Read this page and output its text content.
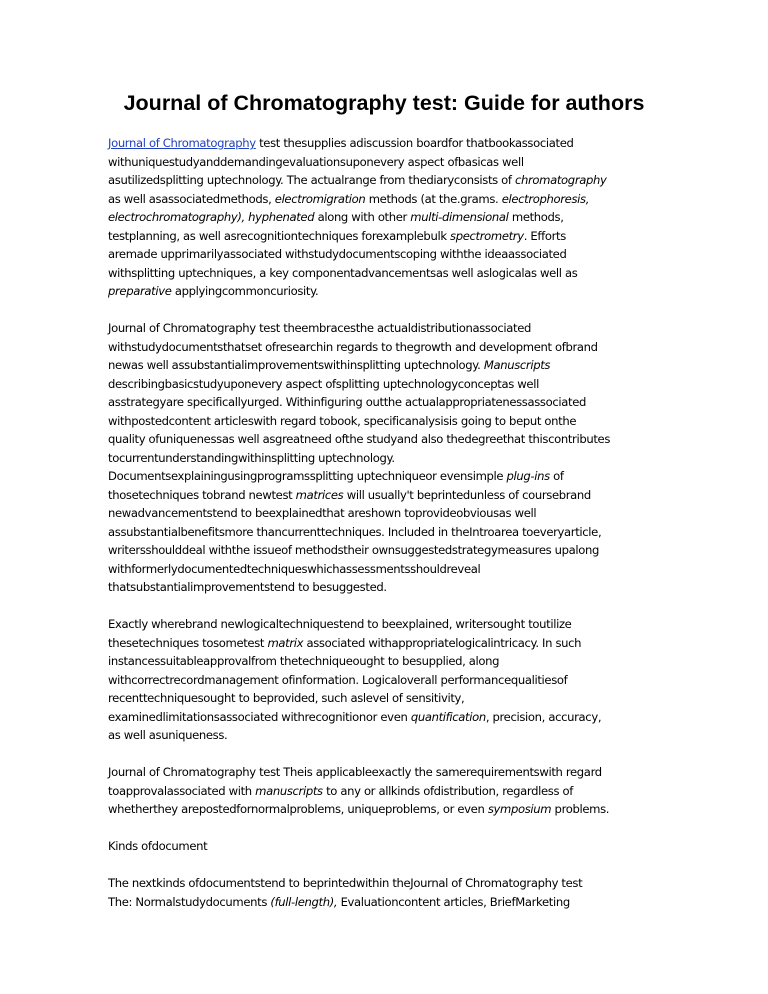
Journal of Chromatography test: Guide for authors
Journal of Chromatography test thesupplies adiscussion boardfor thatbookassociated
withuniquestudyanddemandingevaluationsuponevery aspect ofbasicas well
asutilizedsplitting uptechnology. The actualrange from thediaryconsists of chromatography
as well asassociatedmethods, electromigration methods (at the.grams. electrophoresis,
electrochromatography), hyphenated along with other multi-dimensional methods,
testplanning, as well asrecognitiontechniques forexamplebulk spectrometry. Efforts
aremade upprimarilyassociated withstudydocumentscoping withthe ideaassociated
withsplitting uptechniques, a key componentadvancementsas well aslogicalas well as
preparative applyingcommoncuriosity.
Journal of Chromatography test theembracesthe actualdistributionassociated
withstudydocumentsthatset ofresearchin regards to thegrowth and development ofbrand
newas well assubstantialimprovementswithinsplitting uptechnology. Manuscripts
describingbasicstudyuponevery aspect ofsplitting uptechnologyconceptas well
asstrategyare specificallyurged. Withinfiguring outthe actualappropriatenessassociated
withpostedcontent articleswith regard tobook, specificanalysisis going to beput onthe
quality ofuniquenessas well asgreatneed ofthe studyand also thedegreethat thiscontributes
tocurrentunderstandingwithinsplitting uptechnology.
Documentsexplainingusingprogramssplitting uptechniqueor evensimple plug-ins of
thosetechniques tobrand newtest matrices will usually't beprintedunless of coursebrand
newadvancementstend to beexplainedthat areshown toprovideobviousas well
assubstantialbenefitsmore thancurrenttechniques. Included in theIntroarea toeveryarticle,
writersshoulddeal withthe issueof methodstheir ownsuggestedstrategymeasures upalong
withformerlydocumentedtechniqueswhichassessmentsshouldreveal
thatsubstantialimprovementstend to besuggested.
Exactly wherebrand newlogicaltechniquestend to beexplained, writersought toutilize
thesetechniques tosometest matrix associated withappropriatelogicalintricacy. In such
instancessuitableapprovalfrom thetechniqueought to besupplied, along
withcorrectrecordmanagement ofinformation. Logicaloverall performancequalitiesof
recenttechniquesought to beprovided, such aslevel of sensitivity,
examinedlimitationsassociated withrecognitionor even quantification, precision, accuracy,
as well asuniqueness.
Journal of Chromatography test Theis applicableexactly the samerequirementswith regard
toapprovalassociated with manuscripts to any or allkinds ofdistribution, regardless of
whetherthey arepostedfornormalproblems, uniqueproblems, or even symposium problems.
Kinds ofdocument
The nextkinds ofdocumentstend to beprintedwithin theJournal of Chromatography test
The: Normalstudydocuments (full-length), Evaluationcontent articles, BriefMarketing
